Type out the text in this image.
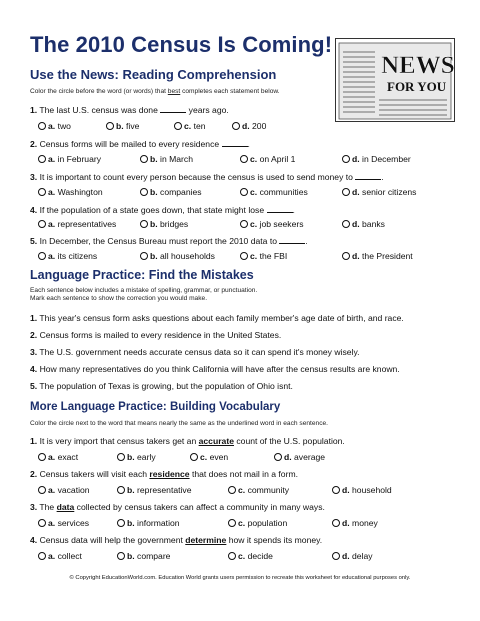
The 2010 Census Is Coming!
NEWS
FOR YOU
Use the News: Reading Comprehension
Color the circle before the word (or words) that best completes each statement below.
1. The last U.S. census was done	years ago.
a. two	b. five	c. ten	d. 200
2. Census forms will be mailed to every residence	.
a. in February	b. in March	c. on April 1	d. in December
3. It is important to count every person because the census is used to send money to	.
a. Washington	b. companies	c. communities	d. senior citizens
4. If the population of a state goes down, that state might lose	.
a. representatives	b. bridges	c. job seekers	d. banks
5. In December, the Census Bureau must report the 2010 data to	.
a. its citizens	b. all households	c. the FBI	d. the President
Language Practice: Find the Mistakes
Each sentence below includes a mistake of spelling, grammar, or punctuation.
Mark each sentence to show the correction you would make.
1. This year's census form asks questions about each family member's age date of birth, and race.
2. Census forms is mailed to every residence in the United States.
3. The U.S. government needs accurate census data so it can spend it's money wisely.
4. How many representatives do you think California will have after the census results are known.
5. The population of Texas is growing, but the population of Ohio isnt.
More Language Practice: Building Vocabulary
Color the circle next to the word that means nearly the same as the underlined word in each sentence.
1. It is very import that census takers get an accurate count of the U.S. population.
a. exact	b. early	c. even	d. average
2. Census takers will visit each residence that does not mail in a form.
a. vacation	b. representative	c. community	d. household
3. The data collected by census takers can affect a community in many ways.
a. services	b. information	c. population	d. money
4. Census data will help the government determine how it spends its money.
a. collect	b. compare	c. decide	d. delay
© Copyright EducationWorld.com. Education World grants users permission to recreate this worksheet for educational purposes only.
